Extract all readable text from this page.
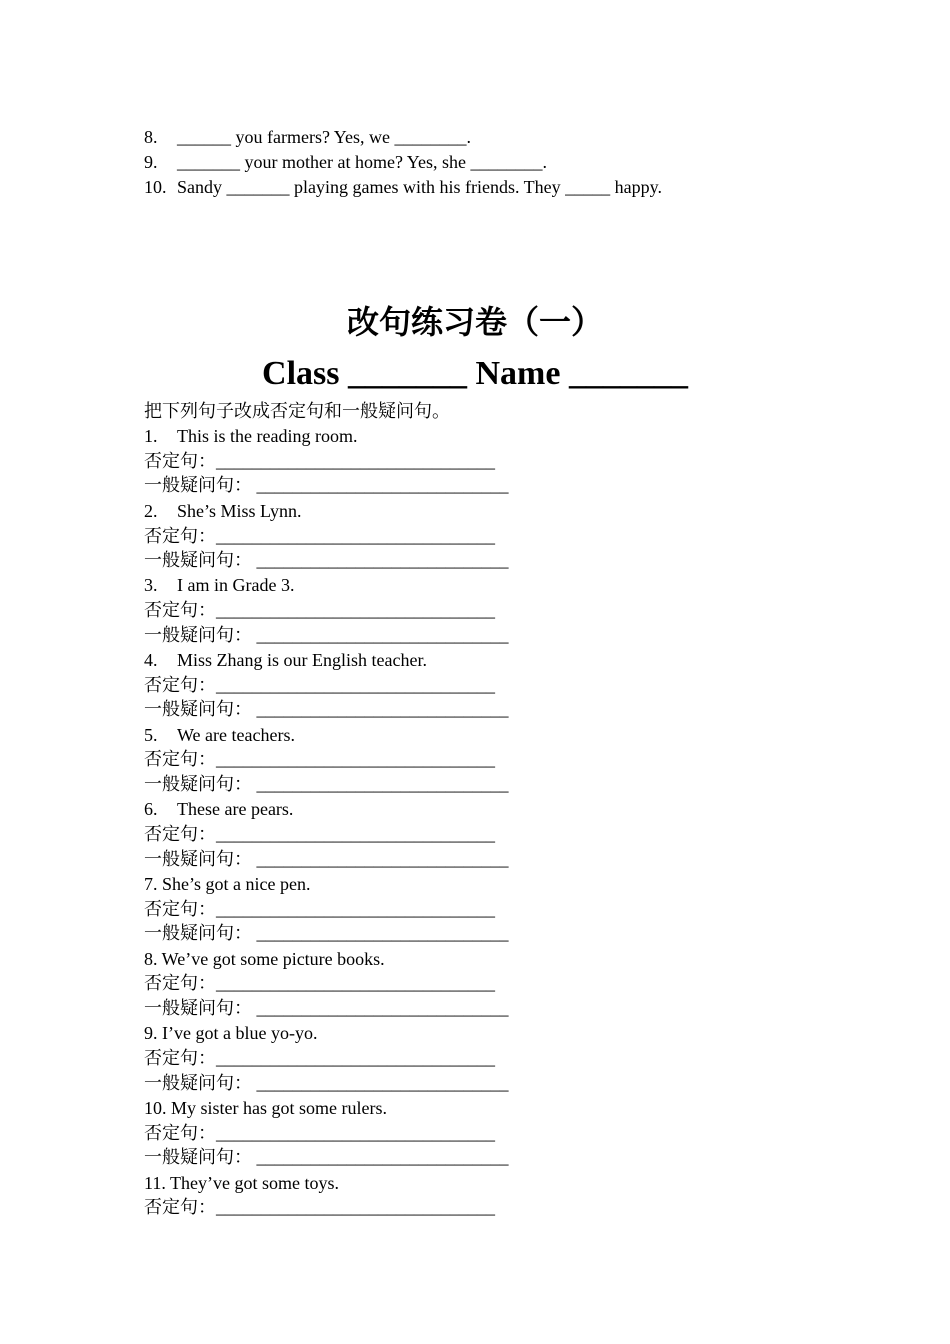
8. ______ you farmers? Yes, we ________.

9. _______ your mother at home? Yes, she ________.

10. Sandy _______ playing games with his friends. They _____ happy.

改句练习卷（一）
Class _______ Name _______

把下列句子改成否定句和一般疑问句。

1. This is the reading room.

否定句：_______________________________

一般疑问句： ____________________________

2. She’s Miss Lynn.

否定句：_______________________________

一般疑问句： ____________________________

3. I am in Grade 3.

否定句：_______________________________

一般疑问句： ____________________________

4. Miss Zhang is our English teacher.

否定句：_______________________________

一般疑问句： ____________________________

5. We are teachers.

否定句：_______________________________

一般疑问句： ____________________________

6. These are pears.

否定句：_______________________________

一般疑问句： ____________________________

7. She’s got a nice pen.

否定句：_______________________________

一般疑问句： ____________________________

8. We’ve got some picture books.

否定句：_______________________________

一般疑问句： ____________________________

9. I’ve got a blue yo-yo.

否定句：_______________________________

一般疑问句： ____________________________

10. My sister has got some rulers.

否定句：_______________________________

一般疑问句： ____________________________

11. They’ve got some toys.

否定句：_______________________________
